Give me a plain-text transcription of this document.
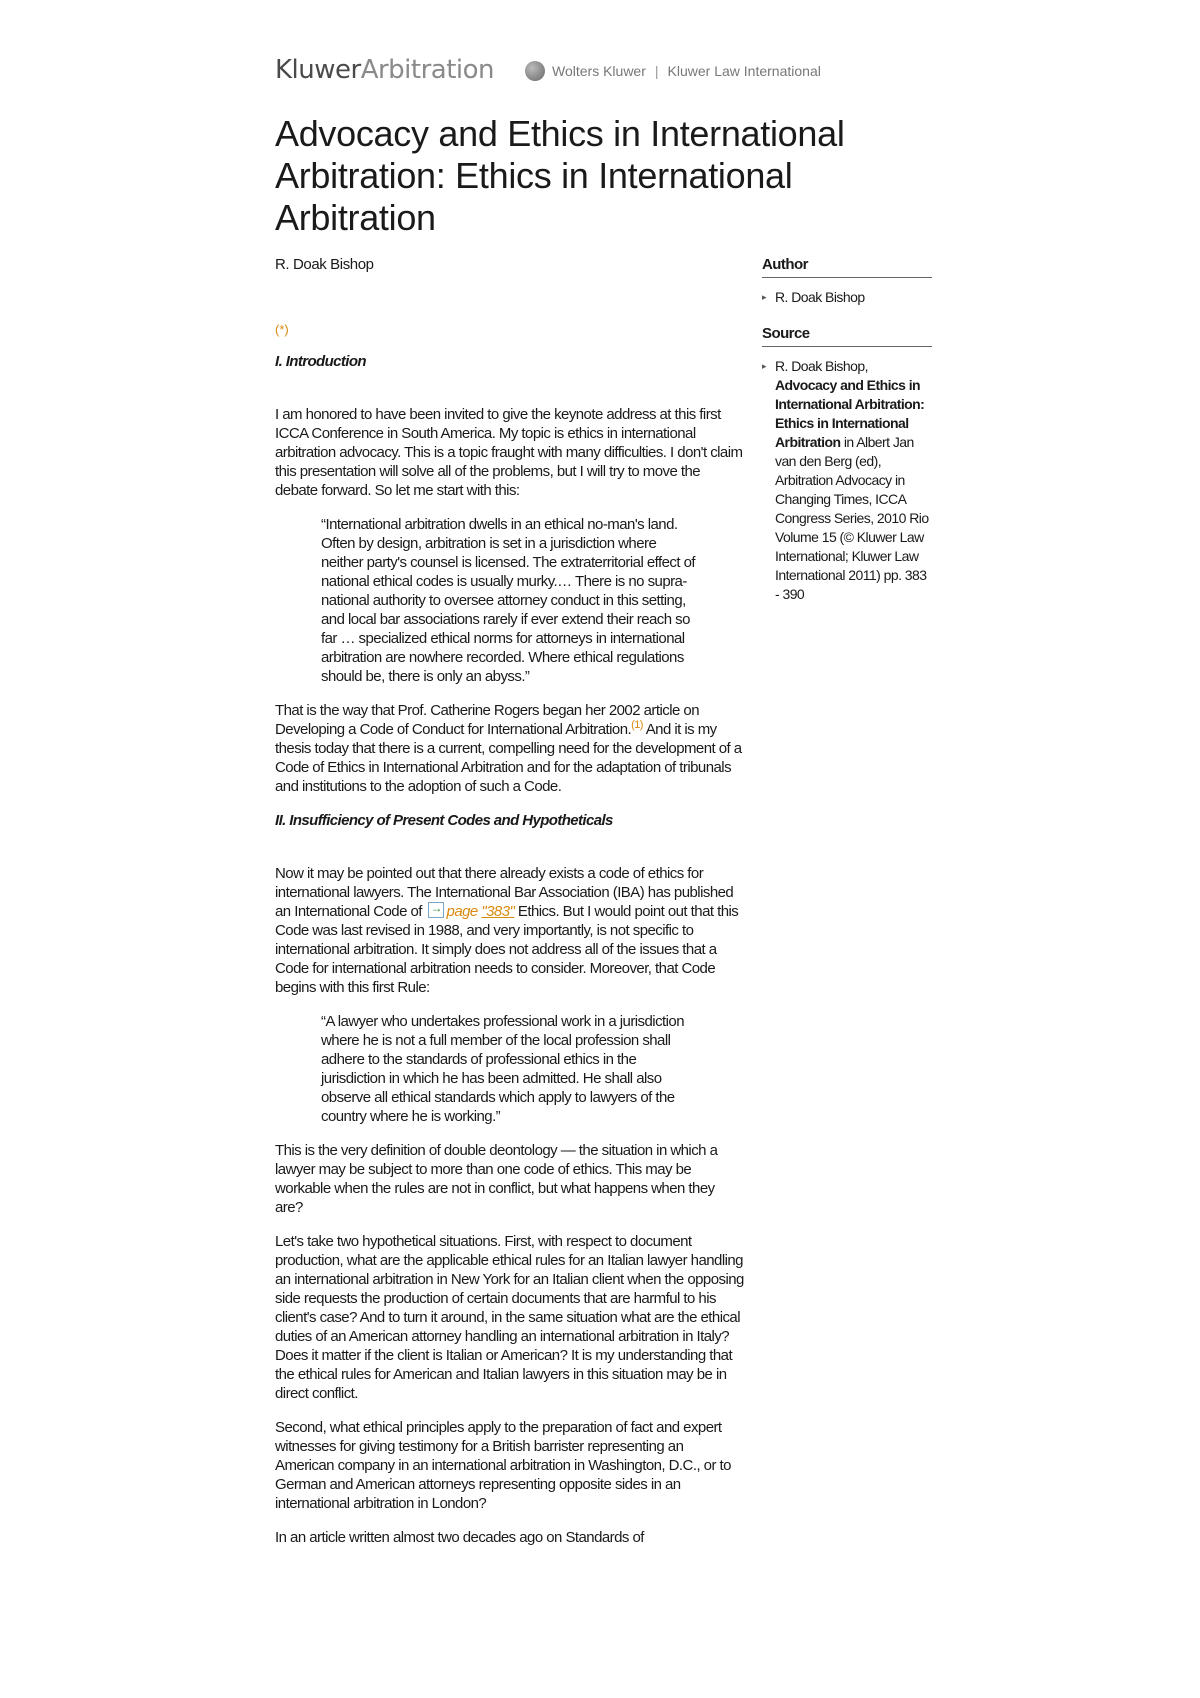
KluwerArbitration	Wolters Kluwer | Kluwer Law International
Advocacy and Ethics in International Arbitration: Ethics in International Arbitration
R. Doak Bishop
(*)
I. Introduction

I am honored to have been invited to give the keynote address at this first ICCA Conference in South America. My topic is ethics in international arbitration advocacy. This is a topic fraught with many difficulties. I don't claim this presentation will solve all of the problems, but I will try to move the debate forward. So let me start with this:

“International arbitration dwells in an ethical no-man's land. Often by design, arbitration is set in a jurisdiction where neither party's counsel is licensed. The extraterritorial effect of national ethical codes is usually murky.… There is no supra-national authority to oversee attorney conduct in this setting, and local bar associations rarely if ever extend their reach so far … specialized ethical norms for attorneys in international arbitration are nowhere recorded. Where ethical regulations should be, there is only an abyss.”

That is the way that Prof. Catherine Rogers began her 2002 article on Developing a Code of Conduct for International Arbitration.$^{(1)}$ And it is my thesis today that there is a current, compelling need for the development of a Code of Ethics in International Arbitration and for the adaptation of tribunals and institutions to the adoption of such a Code.

II. Insufficiency of Present Codes and Hypotheticals

Now it may be pointed out that there already exists a code of ethics for international lawyers. The International Bar Association (IBA) has published an International Code of →page "383" Ethics. But I would point out that this Code was last revised in 1988, and very importantly, is not specific to international arbitration. It simply does not address all of the issues that a Code for international arbitration needs to consider. Moreover, that Code begins with this first Rule:

“A lawyer who undertakes professional work in a jurisdiction where he is not a full member of the local profession shall adhere to the standards of professional ethics in the jurisdiction in which he has been admitted. He shall also observe all ethical standards which apply to lawyers of the country where he is working.”

This is the very definition of double deontology — the situation in which a lawyer may be subject to more than one code of ethics. This may be workable when the rules are not in conflict, but what happens when they are?

Let's take two hypothetical situations. First, with respect to document production, what are the applicable ethical rules for an Italian lawyer handling an international arbitration in New York for an Italian client when the opposing side requests the production of certain documents that are harmful to his client's case? And to turn it around, in the same situation what are the ethical duties of an American attorney handling an international arbitration in Italy? Does it matter if the client is Italian or American? It is my understanding that the ethical rules for American and Italian lawyers in this situation may be in direct conflict.

Second, what ethical principles apply to the preparation of fact and expert witnesses for giving testimony for a British barrister representing an American company in an international arbitration in Washington, D.C., or to German and American attorneys representing opposite sides in an international arbitration in London?

In an article written almost two decades ago on Standards of

Author
▸ R. Doak Bishop
Source
▸ R. Doak Bishop, Advocacy and Ethics in International Arbitration: Ethics in International Arbitration in Albert Jan van den Berg (ed), Arbitration Advocacy in Changing Times, ICCA Congress Series, 2010 Rio Volume 15 (© Kluwer Law International; Kluwer Law International 2011) pp. 383 - 390
